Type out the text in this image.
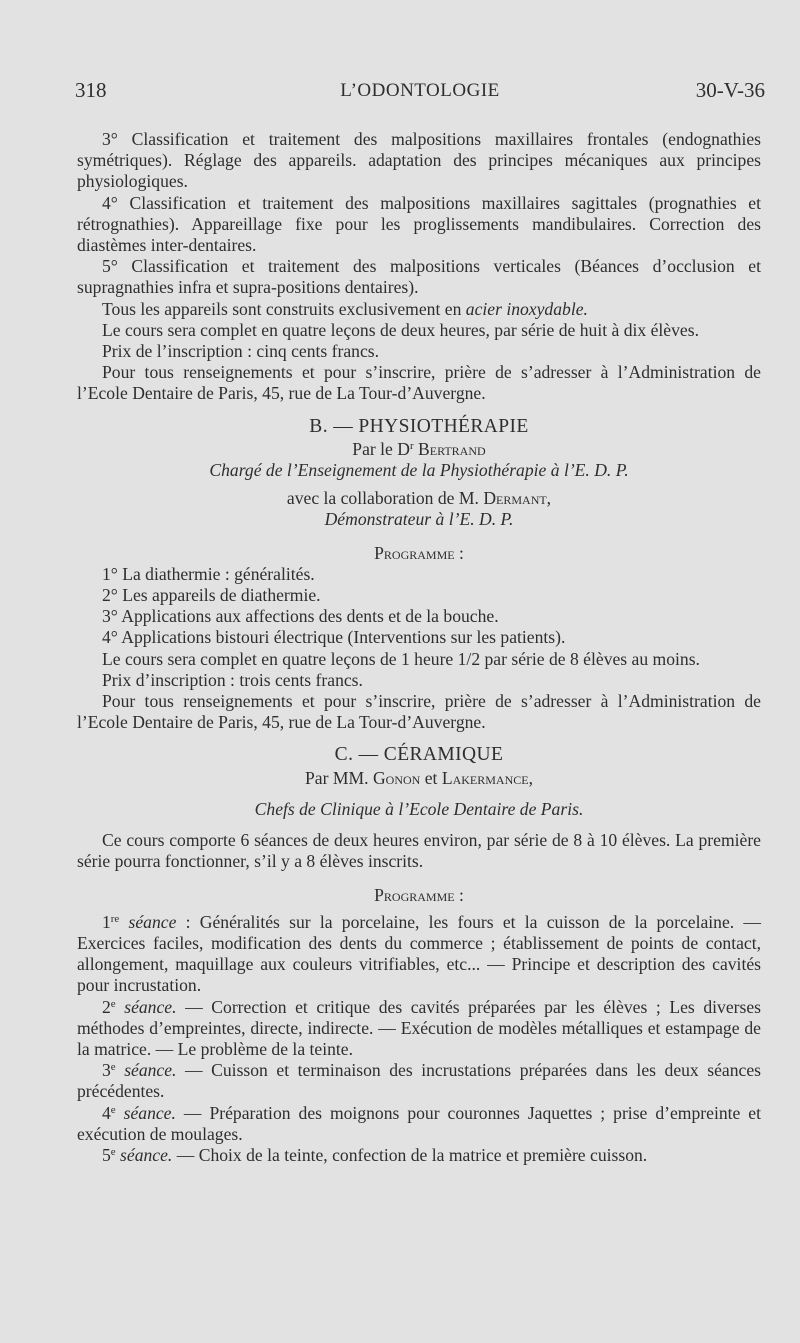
318	L’ODONTOLOGIE	30-V-36

3° Classification et traitement des malpositions maxillaires frontales (endognathies symétriques). Réglage des appareils. adaptation des principes mécaniques aux principes physiologiques.

4° Classification et traitement des malpositions maxillaires sagittales (prognathies et rétrognathies). Appareillage fixe pour les proglissements mandibulaires. Correction des diastèmes inter-dentaires.

5° Classification et traitement des malpositions verticales (Béances d’occlusion et supragnathies infra et supra-positions dentaires).

Tous les appareils sont construits exclusivement en acier inoxydable.

Le cours sera complet en quatre leçons de deux heures, par série de huit à dix élèves.

Prix de l’inscription : cinq cents francs.

Pour tous renseignements et pour s’inscrire, prière de s’adresser à l’Administration de l’Ecole Dentaire de Paris, 45, rue de La Tour-d’Auvergne.

B. — PHYSIOTHÉRAPIE

Par le $D^r$ Bertrand

Chargé de l’Enseignement de la Physiothérapie à l’E. D. P.

avec la collaboration de M. Dermant,

Démonstrateur à l’E. D. P.

Programme :

1° La diathermie : généralités.

2° Les appareils de diathermie.

3° Applications aux affections des dents et de la bouche.

4° Applications bistouri électrique (Interventions sur les patients).

Le cours sera complet en quatre leçons de 1 heure 1/2 par série de 8 élèves au moins.

Prix d’inscription : trois cents francs.

Pour tous renseignements et pour s’inscrire, prière de s’adresser à l’Administration de l’Ecole Dentaire de Paris, 45, rue de La Tour-d’Auvergne.

C. — CÉRAMIQUE

Par MM. Gonon et Lakermance,

Chefs de Clinique à l’Ecole Dentaire de Paris.

Ce cours comporte 6 séances de deux heures environ, par série de 8 à 10 élèves. La première série pourra fonctionner, s’il y a 8 élèves inscrits.

Programme :

1re séance : Généralités sur la porcelaine, les fours et la cuisson de la porcelaine. — Exercices faciles, modification des dents du commerce ; établissement de points de contact, allongement, maquillage aux couleurs vitrifiables, etc... — Principe et description des cavités pour incrustation.

2e séance. — Correction et critique des cavités préparées par les élèves ; Les diverses méthodes d’empreintes, directe, indirecte. — Exécution de modèles métalliques et estampage de la matrice. — Le problème de la teinte.

3e séance. — Cuisson et terminaison des incrustations préparées dans les deux séances précédentes.

4e séance. — Préparation des moignons pour couronnes Jaquettes ; prise d’empreinte et exécution de moulages.

5e séance. — Choix de la teinte, confection de la matrice et première cuisson.
